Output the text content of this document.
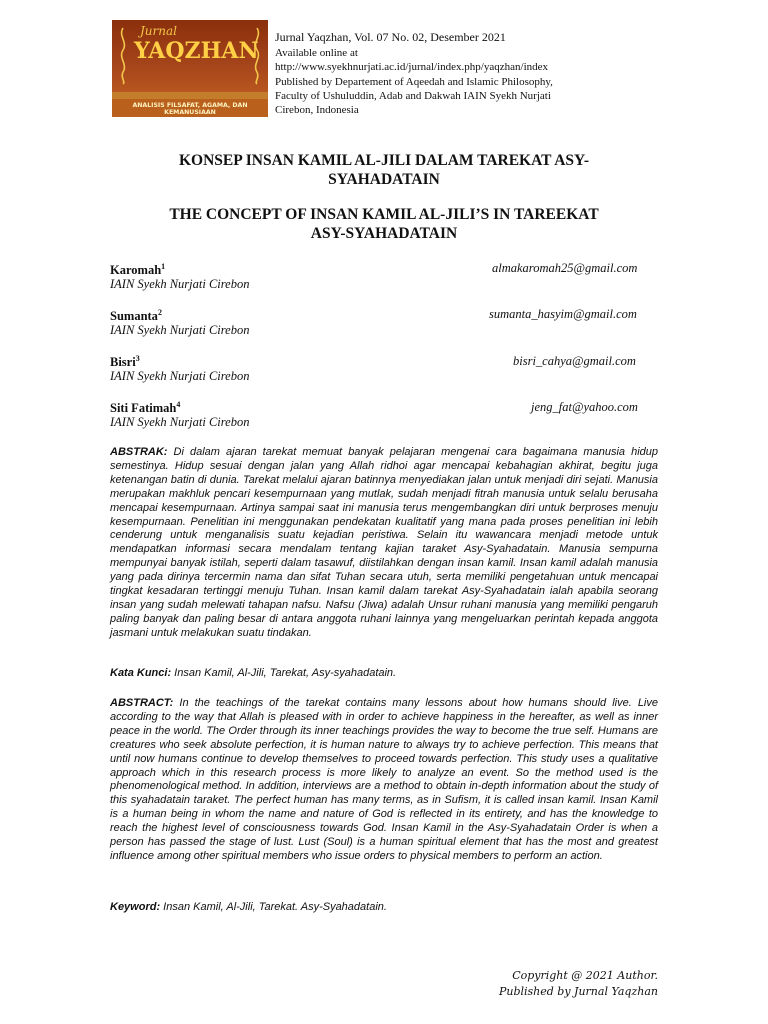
Jurnal
YAQZHAN
ANALISIS FILSAFAT, AGAMA, DAN KEMANUSIAAN
Jurnal Yaqzhan, Vol. 07 No. 02, Desember 2021
Available online at
http://www.syekhnurjati.ac.id/jurnal/index.php/yaqzhan/index
Published by Departement of Aqeedah and Islamic Philosophy,
Faculty of Ushuluddin, Adab and Dakwah IAIN Syekh Nurjati
Cirebon, Indonesia
KONSEP INSAN KAMIL AL-JILI DALAM TAREKAT ASY-
SYAHADATAIN
THE CONCEPT OF INSAN KAMIL AL-JILI’S IN TAREEKAT
ASY-SYAHADATAIN
Karomah$^1$
IAIN Syekh Nurjati Cirebon
almakaromah25@gmail.com
Sumanta$^2$
IAIN Syekh Nurjati Cirebon
sumanta_hasyim@gmail.com
Bisri$^3$
IAIN Syekh Nurjati Cirebon
bisri_cahya@gmail.com
Siti Fatimah$^4$
IAIN Syekh Nurjati Cirebon
jeng_fat@yahoo.com
ABSTRAK: Di dalam ajaran tarekat memuat banyak pelajaran mengenai cara bagaimana manusia hidup semestinya. Hidup sesuai dengan jalan yang Allah ridhoi agar mencapai kebahagian akhirat, begitu juga ketenangan batin di dunia. Tarekat melalui ajaran batinnya menyediakan jalan untuk menjadi diri sejati. Manusia merupakan makhluk pencari kesempurnaan yang mutlak, sudah menjadi fitrah manusia untuk selalu berusaha mencapai kesempurnaan. Artinya sampai saat ini manusia terus mengembangkan diri untuk berproses menuju kesempurnaan. Penelitian ini menggunakan pendekatan kualitatif yang mana pada proses penelitian ini lebih cenderung untuk menganalisis suatu kejadian peristiwa. Selain itu wawancara menjadi metode untuk mendapatkan informasi secara mendalam tentang kajian taraket Asy-Syahadatain. Manusia sempurna mempunyai banyak istilah, seperti dalam tasawuf, diistilahkan dengan insan kamil. Insan kamil adalah manusia yang pada dirinya tercermin nama dan sifat Tuhan secara utuh, serta memiliki pengetahuan untuk mencapai tingkat kesadaran tertinggi menuju Tuhan. Insan kamil dalam tarekat Asy-Syahadatain ialah apabila seorang insan yang sudah melewati tahapan nafsu. Nafsu (Jiwa) adalah Unsur ruhani manusia yang memiliki pengaruh paling banyak dan paling besar di antara anggota ruhani lainnya yang mengeluarkan perintah kepada anggota jasmani untuk melakukan suatu tindakan.
Kata Kunci: Insan Kamil, Al-Jili, Tarekat, Asy-syahadatain.
ABSTRACT: In the teachings of the tarekat contains many lessons about how humans should live. Live according to the way that Allah is pleased with in order to achieve happiness in the hereafter, as well as inner peace in the world. The Order through its inner teachings provides the way to become the true self. Humans are creatures who seek absolute perfection, it is human nature to always try to achieve perfection. This means that until now humans continue to develop themselves to proceed towards perfection. This study uses a qualitative approach which in this research process is more likely to analyze an event. So the method used is the phenomenological method. In addition, interviews are a method to obtain in-depth information about the study of this syahadatain taraket. The perfect human has many terms, as in Sufism, it is called insan kamil. Insan Kamil is a human being in whom the name and nature of God is reflected in its entirety, and has the knowledge to reach the highest level of consciousness towards God. Insan Kamil in the Asy-Syahadatain Order is when a person has passed the stage of lust. Lust (Soul) is a human spiritual element that has the most and greatest influence among other spiritual members who issue orders to physical members to perform an action.
Keyword: Insan Kamil, Al-Jili, Tarekat. Asy-Syahadatain.
Copyright @ 2021 Author.
Published by Jurnal Yaqzhan
